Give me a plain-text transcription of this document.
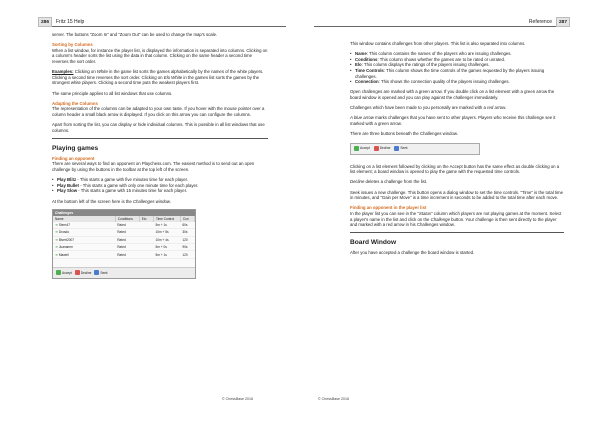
286	Fritz 15 Help

server. The buttons "Zoom In" and "Zoom Out" can be used to change the map's scale.

Sorting by Columns

When a list window, for instance the player list, is displayed the information is separated into columns. Clicking on a column's header sorts the list using the data in that column. Clicking on the same header a second time reverses the sort order.

Examples: Clicking on White in the game list sorts the games alphabetically by the names of the white players. Clicking a second time reverses the sort order. Clicking on Elo White in the games list sorts the games by the strongest white players. Clicking a second time puts the weakest players first.

The same principle applies to all list windows that use columns.

Adapting the Columns

The representation of the columns can be adapted to your own taste. If you hover with the mouse pointer over a column header a small black arrow is displayed. If you click on this arrow you can configure the columns.

Apart from sorting the list, you can display or hide individual columns. This is possible in all list windows that use columns.

Playing games

Finding an opponent

There are several ways to find an opponent on Playchess.com. The easiest method is to send out an open challenge by using the buttons in the toolbar at the top left of the screen.

• Play Blitz - This starts a game with five minutes time for each player.
• Play Bullet - This starts a game with only one minute time for each player.
• Play Slow - This starts a game with 15 minutes time for each player.

At the bottom left of the screen here is the Challenges window.

Challenges
Name	Conditions	Elo	Time Control	Con
➜ Stern47	Rated		5m + 1s	60s
➜ Drosdo	Rated		10m + 5s	30s
➜ Bivert2007	Rated		10m + 4s	120
➜ Juanamm	Rated		5m + 0s	90s
➜ Mawell	Rated		5m + 1s	120
Accept	Decline	Seek
© ChessBase 2016
Reference	287

This window contains challenges from other players. This list is also separated into columns.

• Name: This column contains the names of the players who are issuing challenges.
• Conditions: This column shows whether the games are to be rated or unrated.
• Elo: This column displays the ratings of the players issuing challenges.
• Time Controls: This column shows the time controls of the games requested by the players issuing challenges.
• Connection: This shows the connection quality of the players issuing challenges.

Open challenges are marked with a green arrow. If you double click on a list element with a green arrow the board window is opened and you can play against the challenger immediately.

Challenges which have been made to you personally are marked with a red arrow.

A blue arrow marks challenges that you have sent to other players. Players who receive this challenge see it marked with a green arrow.

There are three buttons beneath the Challenges window.

Accept	Decline	Seek

Clicking on a list element followed by clicking on the Accept button has the same effect as double clicking on a list element; a board window is opened to play the game with the requested time controls.

Decline deletes a challenge from the list.

Seek issues a new challenge. This button opens a dialog window to set the time controls. "Time" is the total time in minutes, and "Gain per Move" is a time increment in seconds to be added to the total time after each move.

Finding an opponent in the player list

In the player list you can see in the "Status" column which players are not playing games at the moment. Select a player's name in the list and click on the Challenge button. Your challenge is then sent directly to the player and marked with a red arrow in his Challenges window.

Board Window

After you have accepted a challenge the board window is started.

© ChessBase 2016
